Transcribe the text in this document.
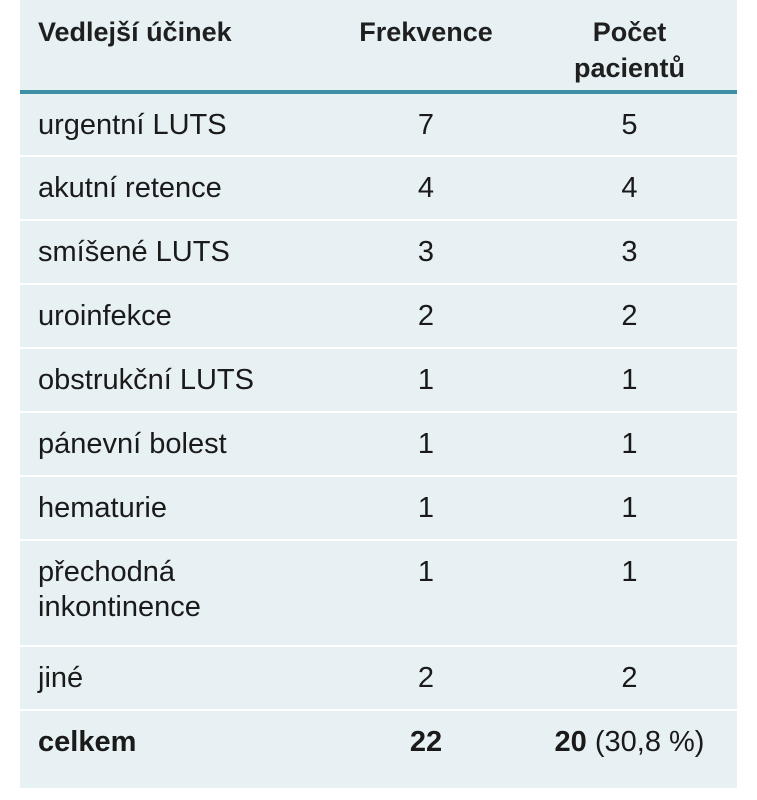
Vedlejší účinek	Frekvence	Počet pacientů
urgentní LUTS	7	5
akutní retence	4	4
smíšené LUTS	3	3
uroinfekce	2	2
obstrukční LUTS	1	1
pánevní bolest	1	1
hematurie	1	1
přechodná inkontinence	1	1
jiné	2	2
celkem	22	20 (30,8 %)
